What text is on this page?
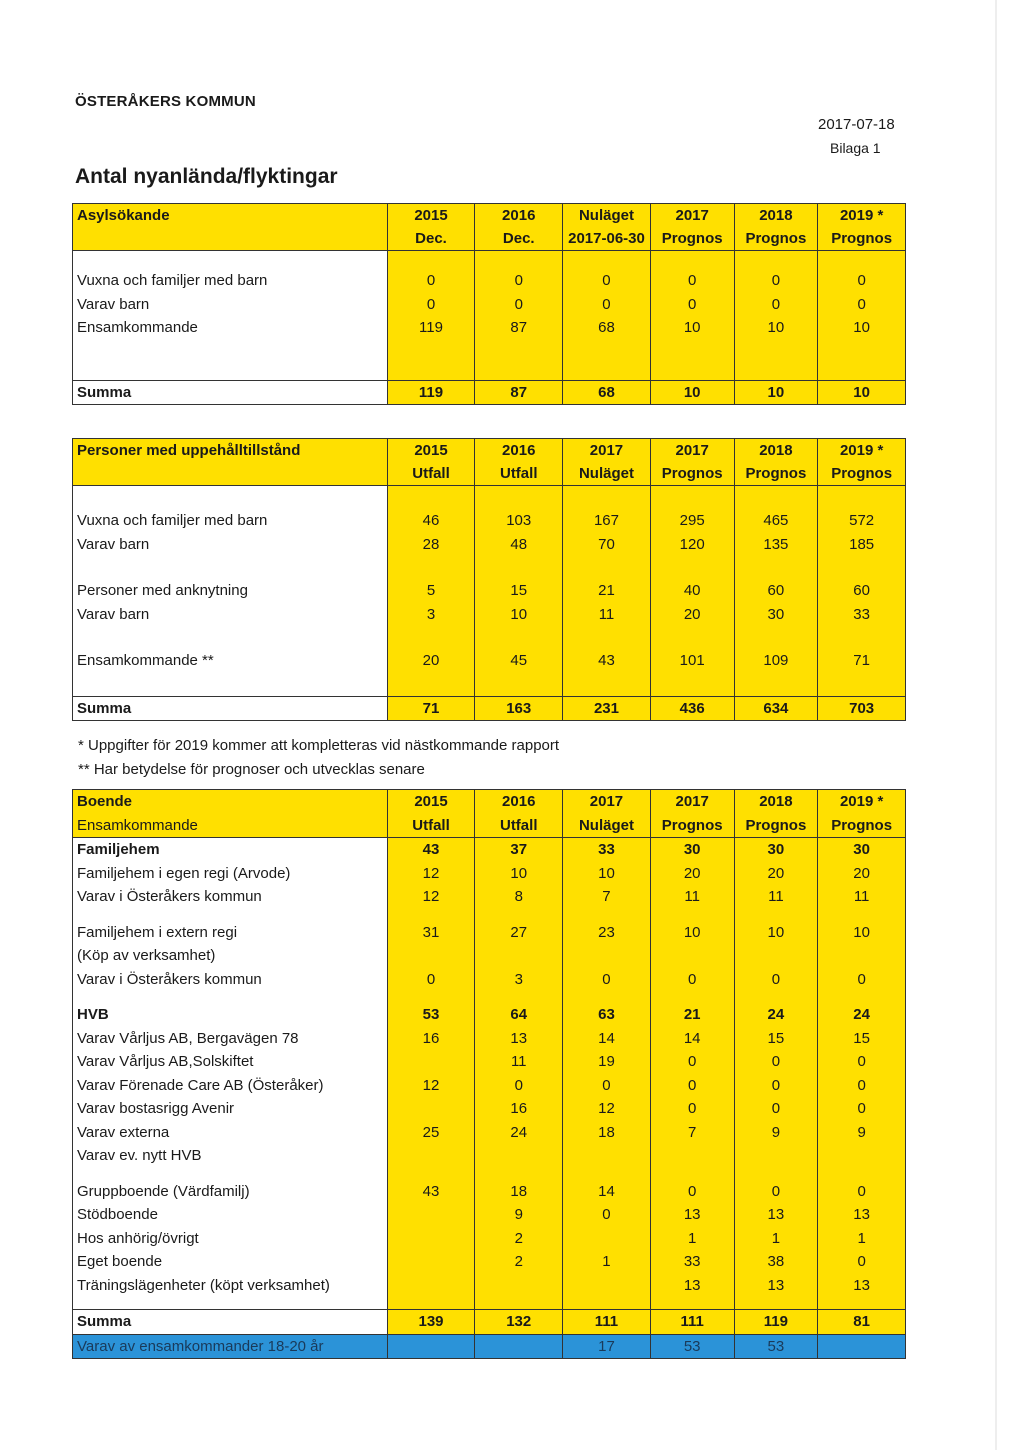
ÖSTERÅKERS KOMMUN
2017-07-18
Bilaga 1
Antal nyanlända/flyktingar
Asylsökande	2015	2016	Nuläget	2017	2018	2019 *
	Dec.	Dec.	2017-06-30	Prognos	Prognos	Prognos

Vuxna och familjer med barn	0	0	0	0	0	0
Varav barn	0	0	0	0	0	0
Ensamkommande	119	87	68	10	10	10

Summa	119	87	68	10	10	10
Personer med uppehålltillstånd	2015	2016	2017	2017	2018	2019 *
	Utfall	Utfall	Nuläget	Prognos	Prognos	Prognos

Vuxna och familjer med barn	46	103	167	295	465	572
Varav barn	28	48	70	120	135	185

Personer med anknytning	5	15	21	40	60	60
Varav barn	3	10	11	20	30	33

Ensamkommande **	20	45	43	101	109	71

Summa	71	163	231	436	634	703
* Uppgifter för 2019 kommer att kompletteras vid nästkommande rapport
** Har betydelse för prognoser och utvecklas senare
Boende	2015	2016	2017	2017	2018	2019 *
Ensamkommande	Utfall	Utfall	Nuläget	Prognos	Prognos	Prognos
Familjehem	43	37	33	30	30	30
Familjehem i egen regi (Arvode)	12	10	10	20	20	20
Varav i Österåkers kommun	12	8	7	11	11	11

Familjehem i extern regi	31	27	23	10	10	10
(Köp av verksamhet)						
Varav i Österåkers kommun	0	3	0	0	0	0

HVB	53	64	63	21	24	24
Varav Vårljus AB, Bergavägen 78	16	13	14	14	15	15
Varav Vårljus AB,Solskiftet		11	19	0	0	0
Varav Förenade Care AB (Österåker)	12	0	0	0	0	0
Varav bostasrigg Avenir		16	12	0	0	0
Varav externa	25	24	18	7	9	9
Varav ev. nytt HVB						

Gruppboende (Värdfamilj)	43	18	14	0	0	0
Stödboende		9	0	13	13	13
Hos anhörig/övrigt		2		1	1	1
Eget boende		2	1	33	38	0
Träningslägenheter (köpt verksamhet)				13	13	13

Summa	139	132	111	111	119	81
Varav av ensamkommander 18-20 år			17	53	53	
